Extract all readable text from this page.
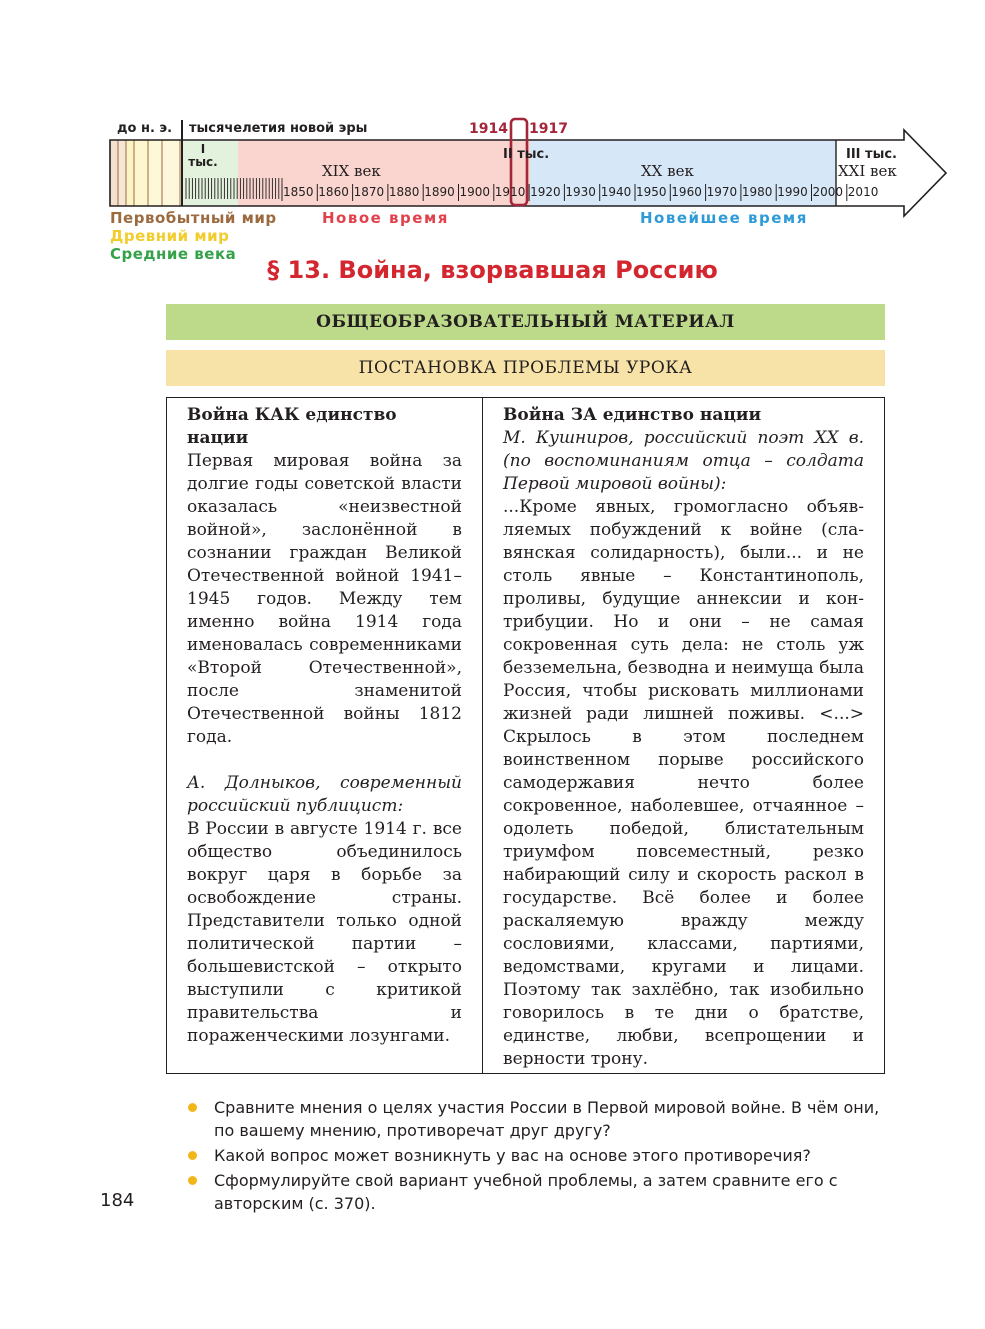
до н. э. тысячелетия новой эры	1914 1917
I
тыс.	II тыс.	III тыс.
XIX век	XX век	XXI век
1850 1860 1870 1880 1890 1900 1910 1920 1930 1940 1950 1960 1970 1980 1990 2000 2010
Первобытный мир
Древний мир
Средние века
Новое время	Новейшее время
§ 13. Война, взорвавшая Россию
ОБЩЕОБРАЗОВАТЕЛЬНЫЙ МАТЕРИАЛ
ПОСТАНОВКА ПРОБЛЕМЫ УРОКА

Война КАК единство

нации

Первая мировая война за долгие годы советской власти оказалась «неизвестной войной», заслонённой в сознании граждан Великой Отечественной войной 1941–1945 годов. Между тем именно война 1914 года именовалась современниками «Второй Отечественной», после знаменитой Отечественной войны 1812 года.

А. Долныков, современный российский публицист:

В России в августе 1914 г. все общество объединилось вокруг царя в борьбе за освобождение страны. Представители только одной политической партии – большевистской – открыто выступили с критикой правительства и пораженческими лозунгами.

Война ЗА единство нации

М. Кушниров, российский поэт XX в. (по воспоминаниям отца – солдата Первой мировой войны):

...Кроме явных, громогласно объявляемых побуждений к войне (славянская солидарность), были... и не столь явные – Константинополь, проливы, будущие аннексии и контрибуции. Но и они – не самая сокровенная суть дела: не столь уж безземельна, безводна и неимуща была Россия, чтобы рисковать миллионами жизней ради лишней поживы. <...> Скрылось в этом последнем воинственном порыве российского самодержавия нечто более сокровенное, наболевшее, отчаянное – одолеть победой, блистательным триумфом повсеместный, резко набирающий силу и скорость раскол в государстве. Всё более и более раскаляемую вражду между сословиями, классами, партиями, ведомствами, кругами и лицами. Поэтому так захлёбно, так изобильно говорилось в те дни о братстве, единстве, любви, всепрощении и верности трону.

Сравните мнения о целях участия России в Первой мировой войне. В чём они, по вашему мнению, противоречат друг другу?
Какой вопрос может возникнуть у вас на основе этого противоречия?
Сформулируйте свой вариант учебной проблемы, а затем сравните его с авторским (с. 370).

184
